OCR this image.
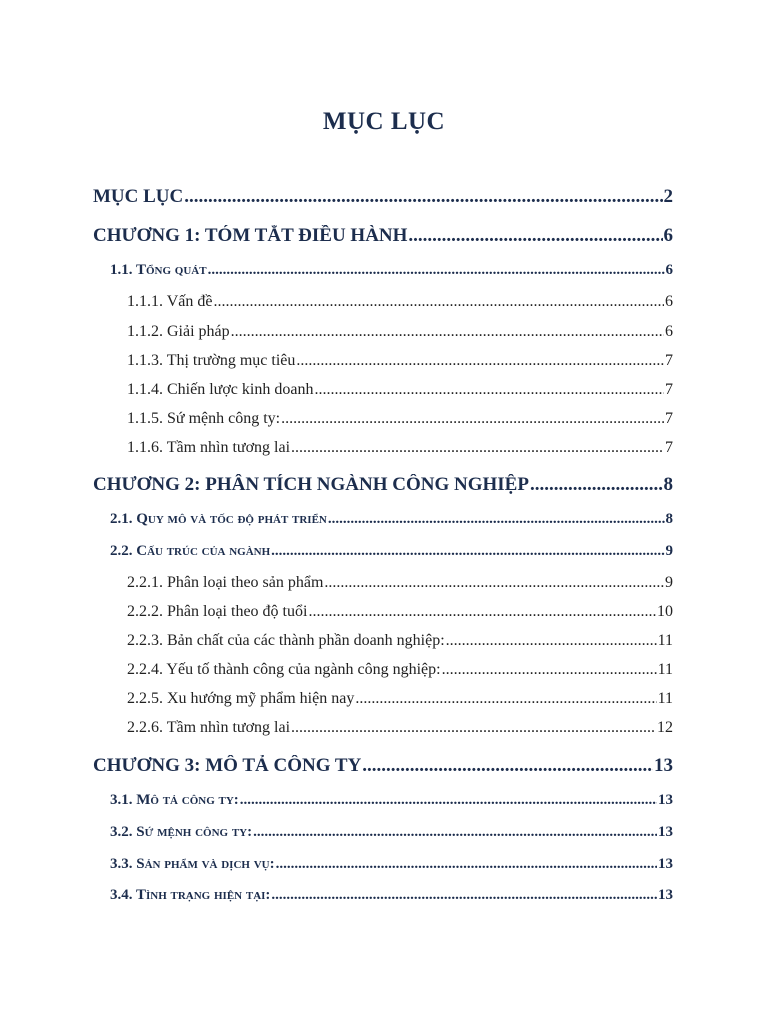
MỤC LỤC
MỤC LỤC .....	2
CHƯƠNG 1: TÓM TẮT ĐIỀU HÀNH .....	6
1.1. Tổng quát .....	6
1.1.1. Vấn đề .....	6
1.1.2. Giải pháp .....	6
1.1.3. Thị trường mục tiêu .....	7
1.1.4. Chiến lược kinh doanh .....	7
1.1.5. Sứ mệnh công ty: .....	7
1.1.6. Tầm nhìn tương lai .....	7
CHƯƠNG 2: PHÂN TÍCH NGÀNH CÔNG NGHIỆP .....	8
2.1. Quy mô và tốc độ phát triển .....	8
2.2. Cấu trúc của ngành .....	9
2.2.1. Phân loại theo sản phẩm .....	9
2.2.2. Phân loại theo độ tuổi .....	10
2.2.3. Bản chất của các thành phần doanh nghiệp: .....	11
2.2.4. Yếu tố thành công của ngành công nghiệp: .....	11
2.2.5. Xu hướng mỹ phẩm hiện nay .....	11
2.2.6. Tầm nhìn tương lai .....	12
CHƯƠNG 3: MÔ TẢ CÔNG TY .....	13
3.1. Mô tả công ty: .....	13
3.2. Sứ mệnh công ty: .....	13
3.3. Sản phẩm và dịch vụ: .....	13
3.4. Tình trạng hiện tại: .....	13
